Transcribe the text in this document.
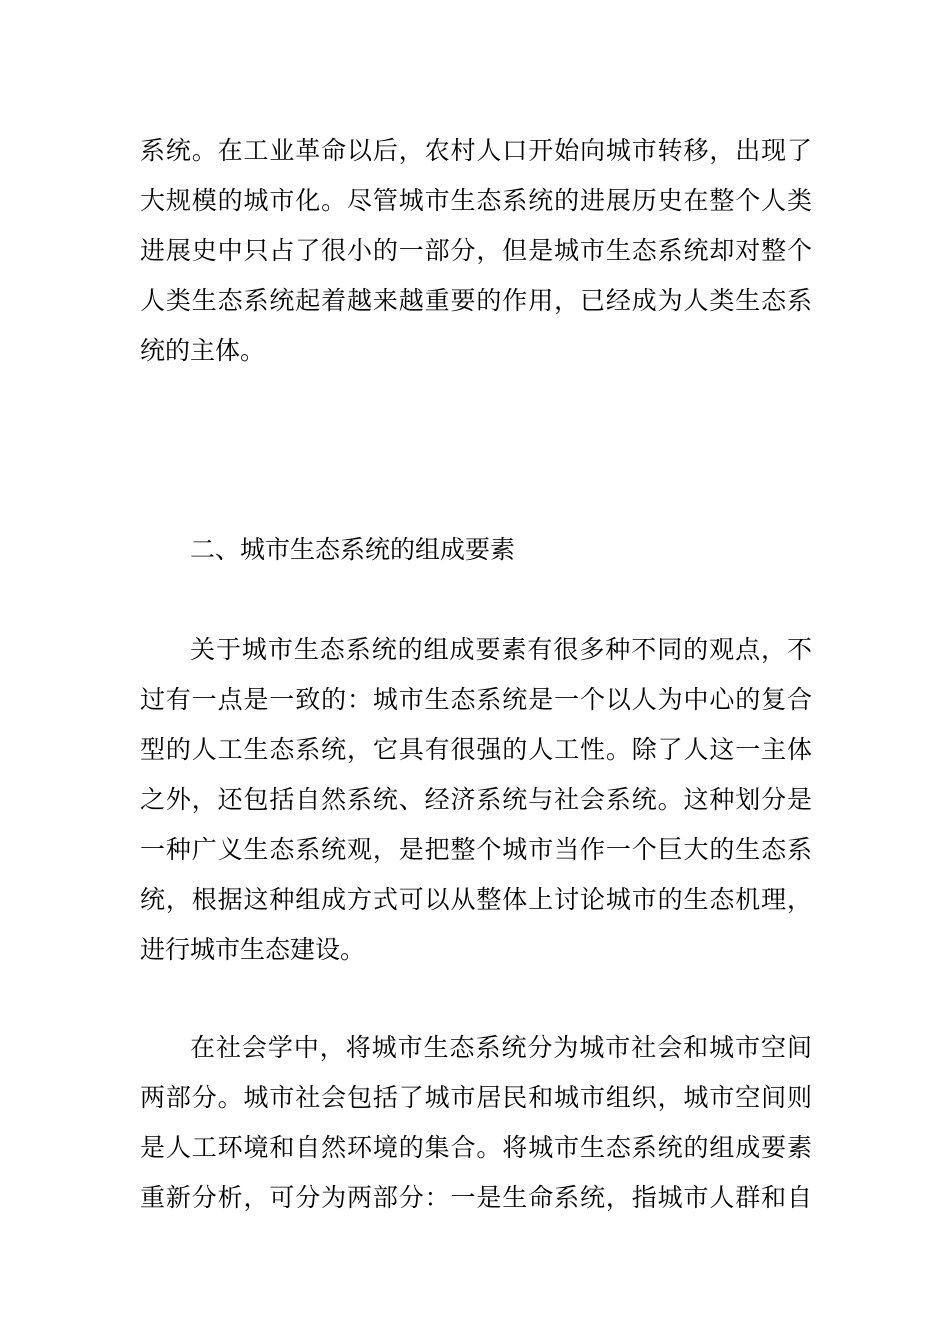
系统。在工业革命以后，农村人口开始向城市转移，出现了
大规模的城市化。尽管城市生态系统的进展历史在整个人类
进展史中只占了很小的一部分，但是城市生态系统却对整个
人类生态系统起着越来越重要的作用，已经成为人类生态系
统的主体。
二、城市生态系统的组成要素
关于城市生态系统的组成要素有很多种不同的观点，不
过有一点是一致的：城市生态系统是一个以人为中心的复合
型的人工生态系统，它具有很强的人工性。除了人这一主体
之外，还包括自然系统、经济系统与社会系统。这种划分是
一种广义生态系统观，是把整个城市当作一个巨大的生态系
统，根据这种组成方式可以从整体上讨论城市的生态机理，
进行城市生态建设。
在社会学中，将城市生态系统分为城市社会和城市空间
两部分。城市社会包括了城市居民和城市组织，城市空间则
是人工环境和自然环境的集合。将城市生态系统的组成要素
重新分析，可分为两部分：一是生命系统，指城市人群和自
